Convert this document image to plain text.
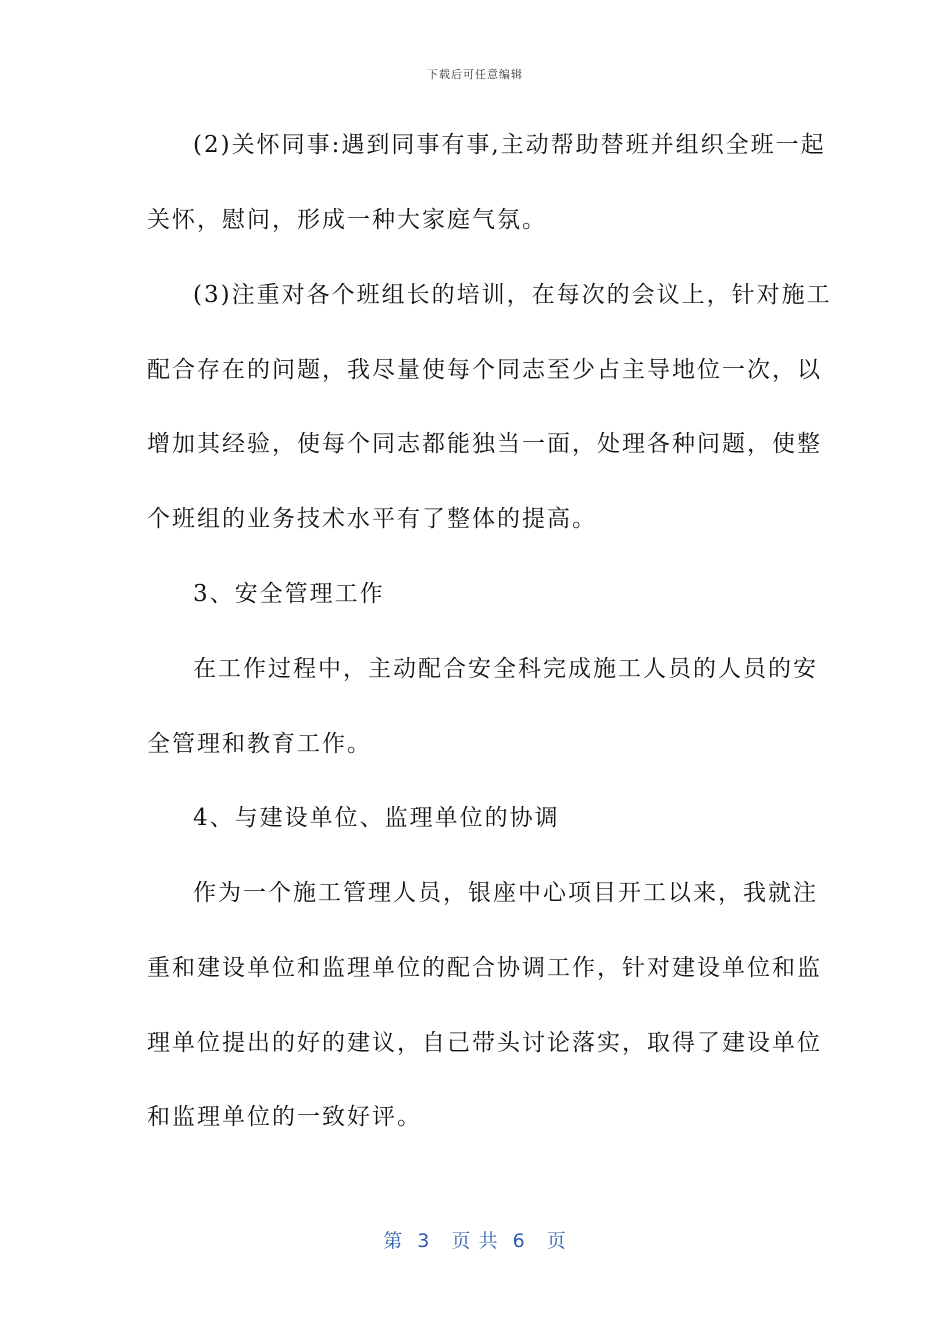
下载后可任意编辑
(2)关怀同事:遇到同事有事,主动帮助替班并组织全班一起
关怀，慰问，形成一种大家庭气氛。
(3)注重对各个班组长的培训，在每次的会议上，针对施工
配合存在的问题，我尽量使每个同志至少占主导地位一次，以
增加其经验，使每个同志都能独当一面，处理各种问题，使整
个班组的业务技术水平有了整体的提高。
3、安全管理工作
在工作过程中，主动配合安全科完成施工人员的人员的安
全管理和教育工作。
4、与建设单位、监理单位的协调
作为一个施工管理人员，银座中心项目开工以来，我就注
重和建设单位和监理单位的配合协调工作，针对建设单位和监
理单位提出的好的建议，自己带头讨论落实，取得了建设单位
和监理单位的一致好评。
第  3   页 共  6   页
